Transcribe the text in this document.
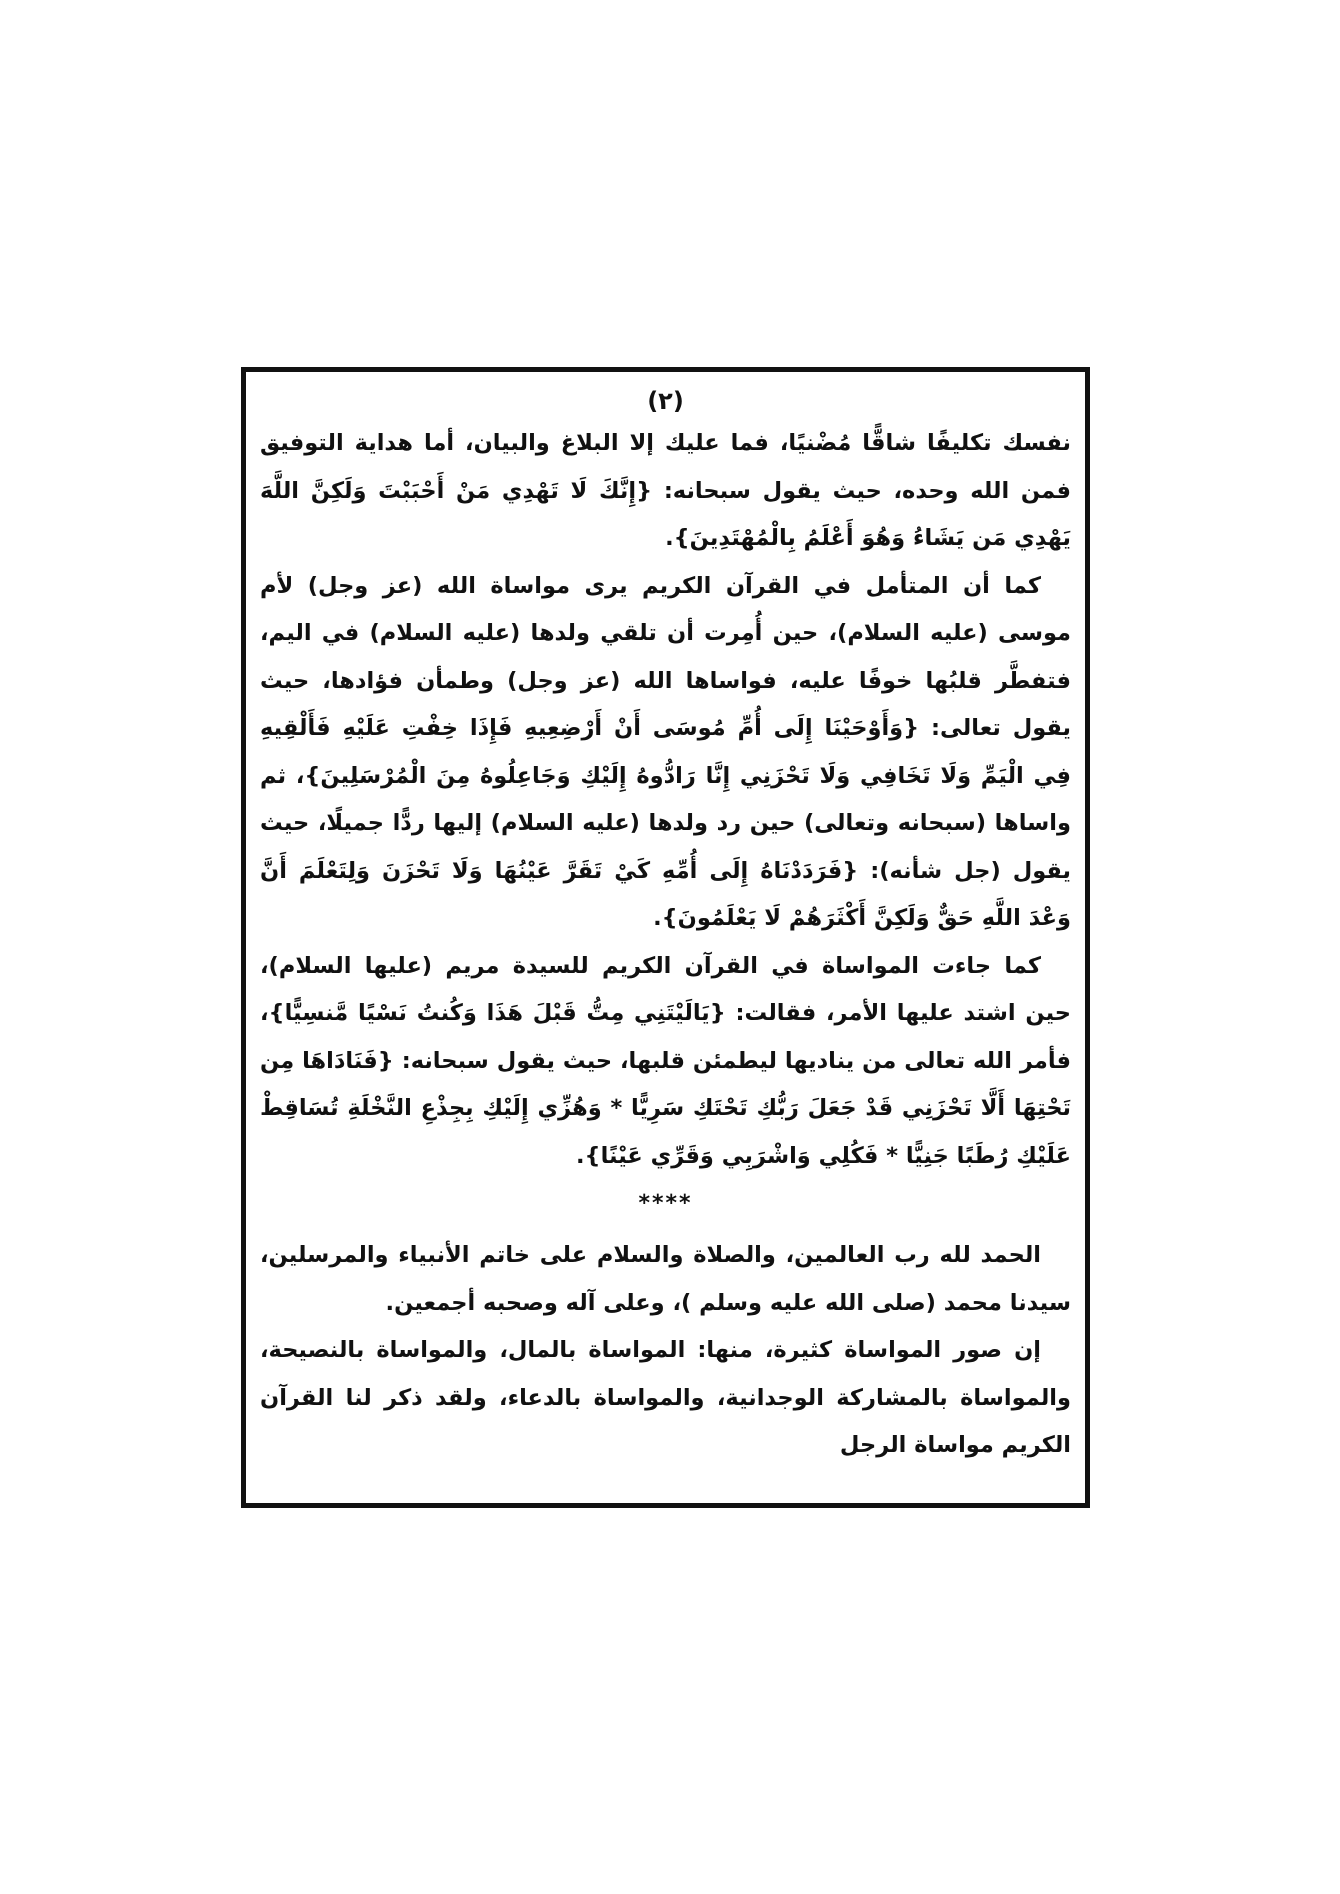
(٢)

نفسك تكليفًا شاقًّا مُضْنيًا، فما عليك إلا البلاغ والبيان، أما هداية التوفيق فمن الله وحده، حيث يقول سبحانه: {إِنَّكَ لَا تَهْدِي مَنْ أَحْبَبْتَ وَلَكِنَّ اللَّهَ يَهْدِي مَن يَشَاءُ وَهُوَ أَعْلَمُ بِالْمُهْتَدِينَ}.

كما أن المتأمل في القرآن الكريم يرى مواساة الله (عز وجل) لأم موسى (عليه السلام)، حين أُمِرت أن تلقي ولدها (عليه السلام) في اليم، فتفطَّر قلبُها خوفًا عليه، فواساها الله (عز وجل) وطمأن فؤادها، حيث يقول تعالى: {وَأَوْحَيْنَا إِلَى أُمِّ مُوسَى أَنْ أَرْضِعِيهِ فَإِذَا خِفْتِ عَلَيْهِ فَأَلْقِيهِ فِي الْيَمِّ وَلَا تَخَافِي وَلَا تَحْزَنِي إِنَّا رَادُّوهُ إِلَيْكِ وَجَاعِلُوهُ مِنَ الْمُرْسَلِينَ}، ثم واساها (سبحانه وتعالى) حين رد ولدها (عليه السلام) إليها ردًّا جميلًا، حيث يقول (جل شأنه): {فَرَدَدْنَاهُ إِلَى أُمِّهِ كَيْ تَقَرَّ عَيْنُهَا وَلَا تَحْزَنَ وَلِتَعْلَمَ أَنَّ وَعْدَ اللَّهِ حَقٌّ وَلَكِنَّ أَكْثَرَهُمْ لَا يَعْلَمُونَ}.

كما جاءت المواساة في القرآن الكريم للسيدة مريم (عليها السلام)، حين اشتد عليها الأمر، فقالت: {يَالَيْتَنِي مِتُّ قَبْلَ هَذَا وَكُنتُ نَسْيًا مَّنسِيًّا}، فأمر الله تعالى من يناديها ليطمئن قلبها، حيث يقول سبحانه: {فَنَادَاهَا مِن تَحْتِهَا أَلَّا تَحْزَنِي قَدْ جَعَلَ رَبُّكِ تَحْتَكِ سَرِيًّا * وَهُزِّي إِلَيْكِ بِجِذْعِ النَّخْلَةِ تُسَاقِطْ عَلَيْكِ رُطَبًا جَنِيًّا * فَكُلِي وَاشْرَبِي وَقَرِّي عَيْنًا}.

****

الحمد لله رب العالمين، والصلاة والسلام على خاتم الأنبياء والمرسلين، سيدنا محمد (صلى الله عليه وسلم )، وعلى آله وصحبه أجمعين.

إن صور المواساة كثيرة، منها: المواساة بالمال، والمواساة بالنصيحة، والمواساة بالمشاركة الوجدانية، والمواساة بالدعاء، ولقد ذكر لنا القرآن الكريم مواساة الرجل
